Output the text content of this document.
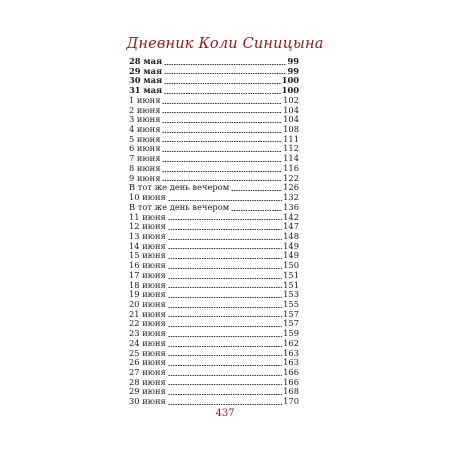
Дневник Коли Синицына
28 мая	99
29 мая	99
30 мая	100
31 мая	100
1 июня	102
2 июня	104
3 июня	104
4 июня	108
5 июня	111
6 июня	112
7 июня	114
8 июня	116
9 июня	122
В тот же день вечером	126
10 июня	132
В тот же день вечером	136
11 июня	142
12 июня	147
13 июня	148
14 июня	149
15 июня	149
16 июня	150
17 июня	151
18 июня	151
19 июня	153
20 июня	155
21 июня	157
22 июня	157
23 июня	159
24 июня	162
25 июня	163
26 июня	163
27 июня	166
28 июня	166
29 июня	168
30 июня	170
437
